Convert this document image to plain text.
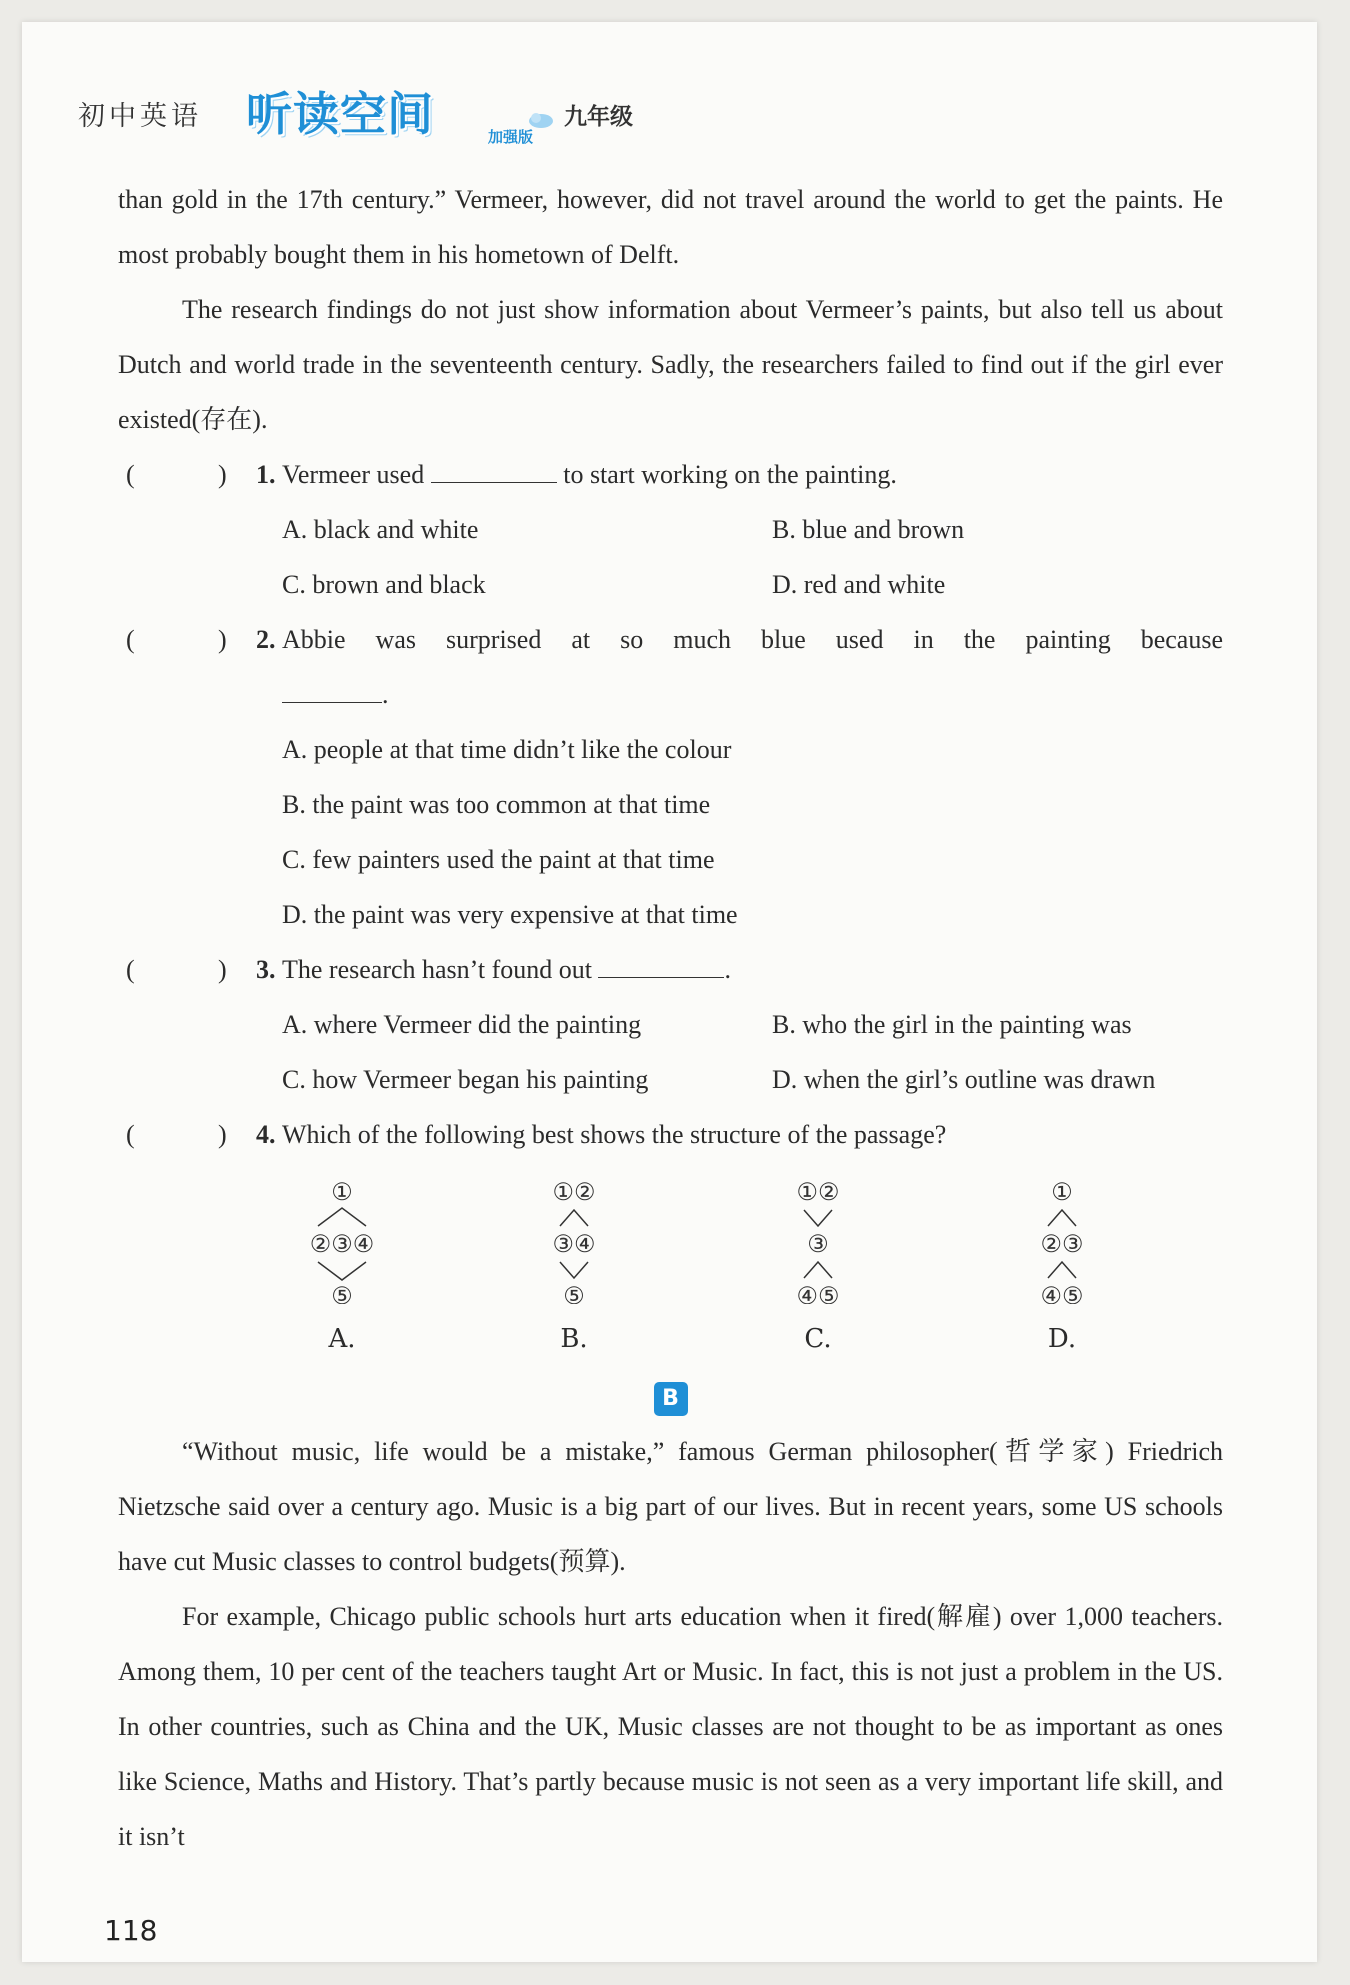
初中英语 听读空间	加强版
九年级

than gold in the 17th century.” Vermeer, however, did not travel around the world to get the paints. He most probably bought them in his hometown of Delft.

The research findings do not just show information about Vermeer’s paints, but also tell us about Dutch and world trade in the seventeenth century. Sadly, the researchers failed to find out if the girl ever existed(存在).

(	) 1. Vermeer used	to start working on the painting.

A. black and white	B. blue and brown
C. brown and black	D. red and white

(	) 2. Abbie was surprised at so much blue used in the painting because

.

A. people at that time didn’t like the colour
B. the paint was too common at that time
C. few painters used the paint at that time
D. the paint was very expensive at that time

(	) 3. The research hasn’t found out	.

A. where Vermeer did the painting	B. who the girl in the painting was
C. how Vermeer began his painting	D. when the girl’s outline was drawn

(	) 4. Which of the following best shows the structure of the passage?

①
②③④
⑤
A.
①②
③④
⑤
B.
①②
③
④⑤
C.
①
②③
④⑤
D.
B

“Without music, life would be a mistake,” famous German philosopher(哲学家) Friedrich Nietzsche said over a century ago. Music is a big part of our lives. But in recent years, some US schools have cut Music classes to control budgets(预算).

For example, Chicago public schools hurt arts education when it fired(解雇) over 1,000 teachers. Among them, 10 per cent of the teachers taught Art or Music. In fact, this is not just a problem in the US. In other countries, such as China and the UK, Music classes are not thought to be as important as ones like Science, Maths and History. That’s partly because music is not seen as a very important life skill, and it isn’t

118
